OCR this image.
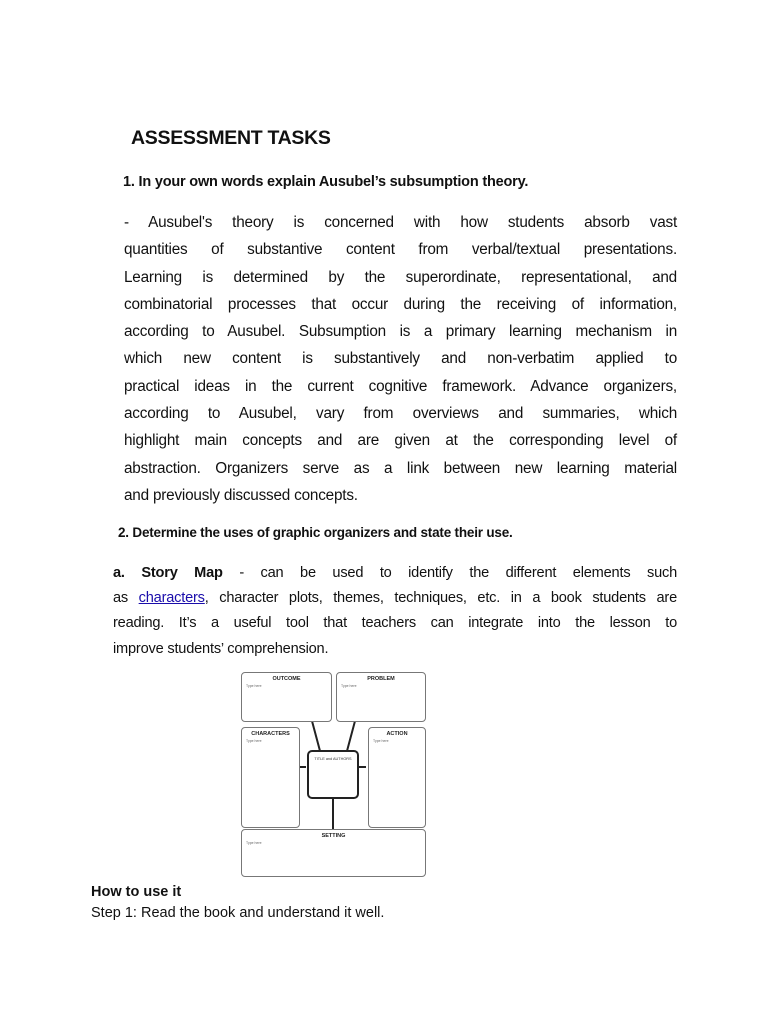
ASSESSMENT TASKS
1. In your own words explain Ausubel’s subsumption theory.
- Ausubel's theory is concerned with how students absorb vast
quantities of substantive content from verbal/textual presentations.
Learning is determined by the superordinate, representational, and
combinatorial processes that occur during the receiving of information,
according to Ausubel. Subsumption is a primary learning mechanism in
which new content is substantively and non-verbatim applied to
practical ideas in the current cognitive framework. Advance organizers,
according to Ausubel, vary from overviews and summaries, which
highlight main concepts and are given at the corresponding level of
abstraction. Organizers serve as a link between new learning material
and previously discussed concepts.
2. Determine the uses of graphic organizers and state their use.
a. Story Map - can be used to identify the different elements such
as characters, character plots, themes, techniques, etc. in a book students are
reading. It’s a useful tool that teachers can integrate into the lesson to
improve students’ comprehension.
OUTCOME
Type here
PROBLEM
Type here
CHARACTERS
Type here
ACTION
Type here
TITLE and AUTHORS
SETTING
Type here
How to use it
Step 1: Read the book and understand it well.
